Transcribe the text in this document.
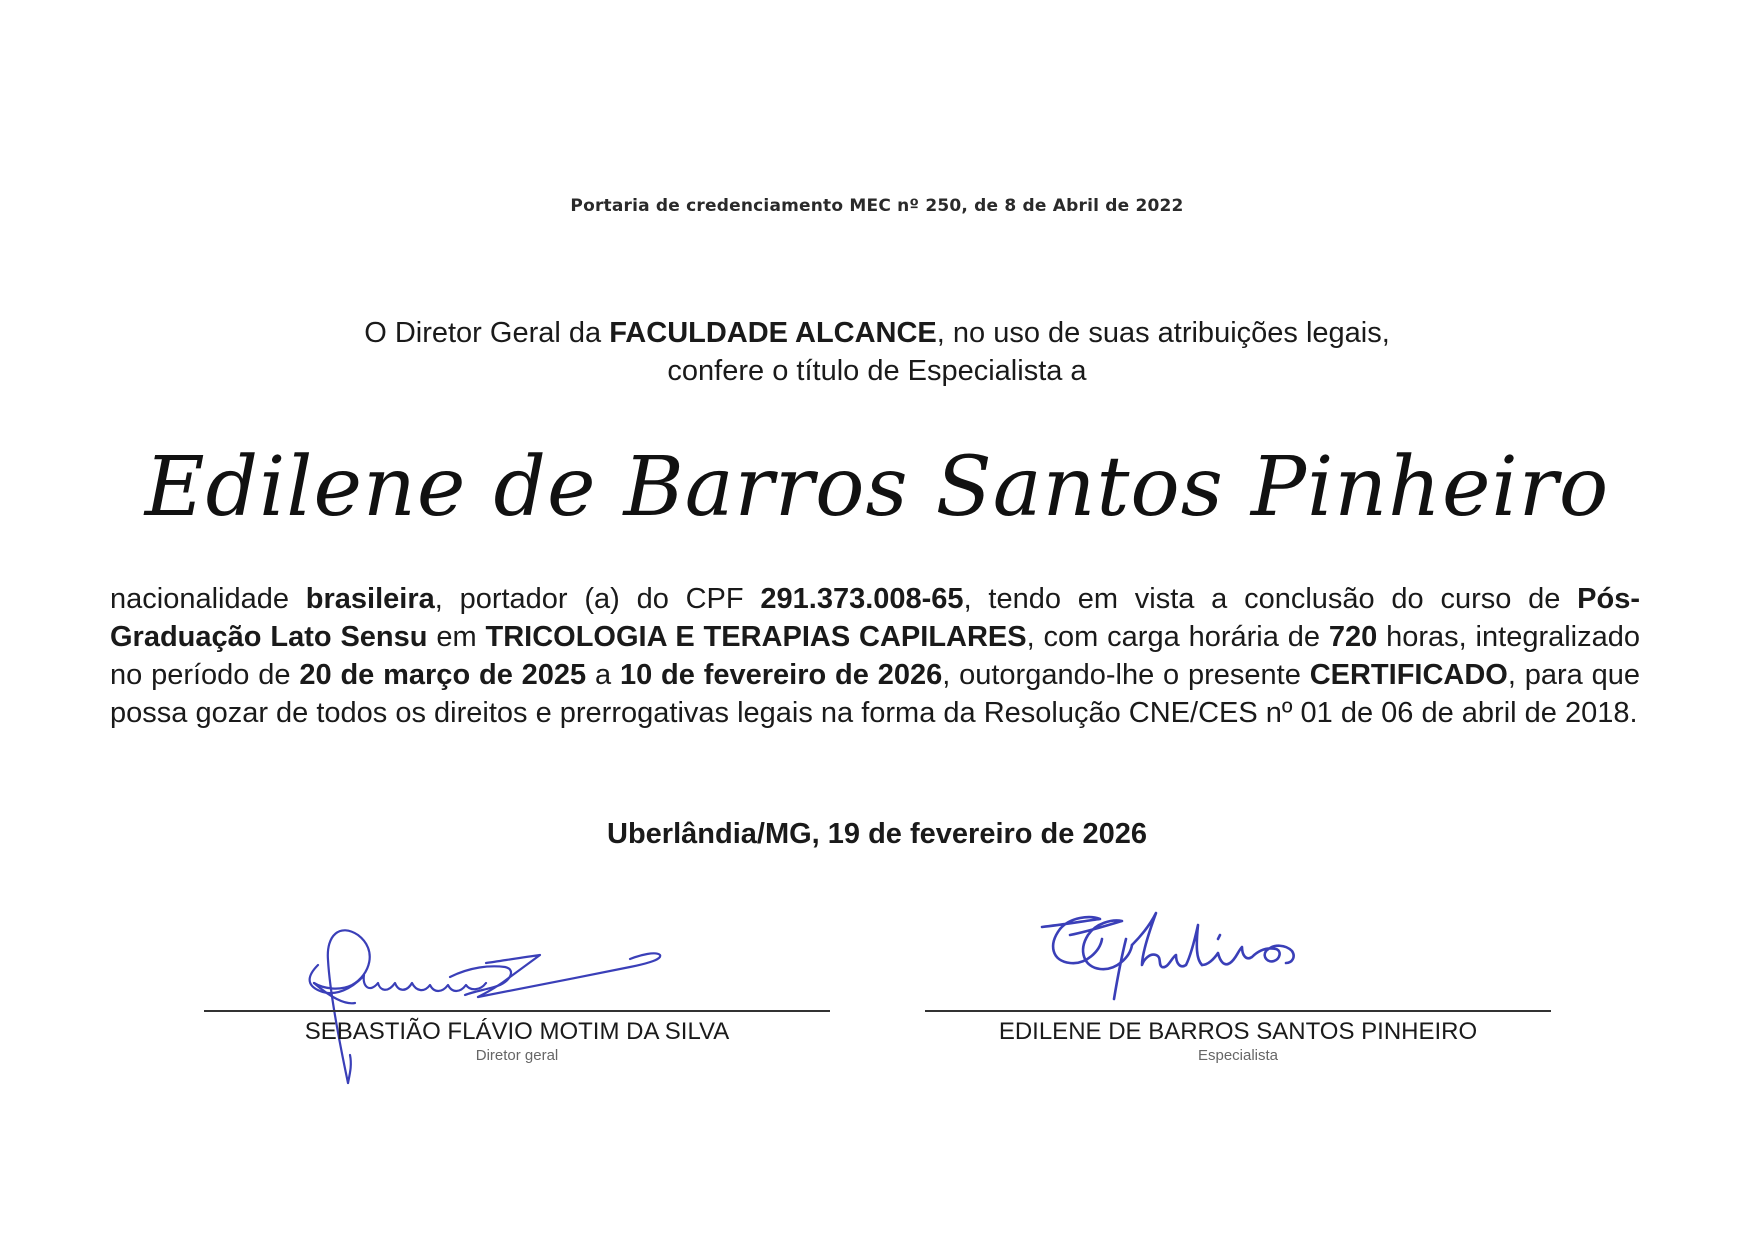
Portaria de credenciamento MEC nº 250, de 8 de Abril de 2022
O Diretor Geral da FACULDADE ALCANCE, no uso de suas atribuições legais,
confere o título de Especialista a
Edilene de Barros Santos Pinheiro
nacionalidade brasileira, portador (a) do CPF 291.373.008-65, tendo em vista a conclusão do curso de Pós-Graduação Lato Sensu em TRICOLOGIA E TERAPIAS CAPILARES, com carga horária de 720 horas, integralizado no período de 20 de março de 2025 a 10 de fevereiro de 2026, outorgando-lhe o presente CERTIFICADO, para que possa gozar de todos os direitos e prerrogativas legais na forma da Resolução CNE/CES nº 01 de 06 de abril de 2018.
Uberlândia/MG, 19 de fevereiro de 2026
SEBASTIÃO FLÁVIO MOTIM DA SILVA
Diretor geral
EDILENE DE BARROS SANTOS PINHEIRO
Especialista
